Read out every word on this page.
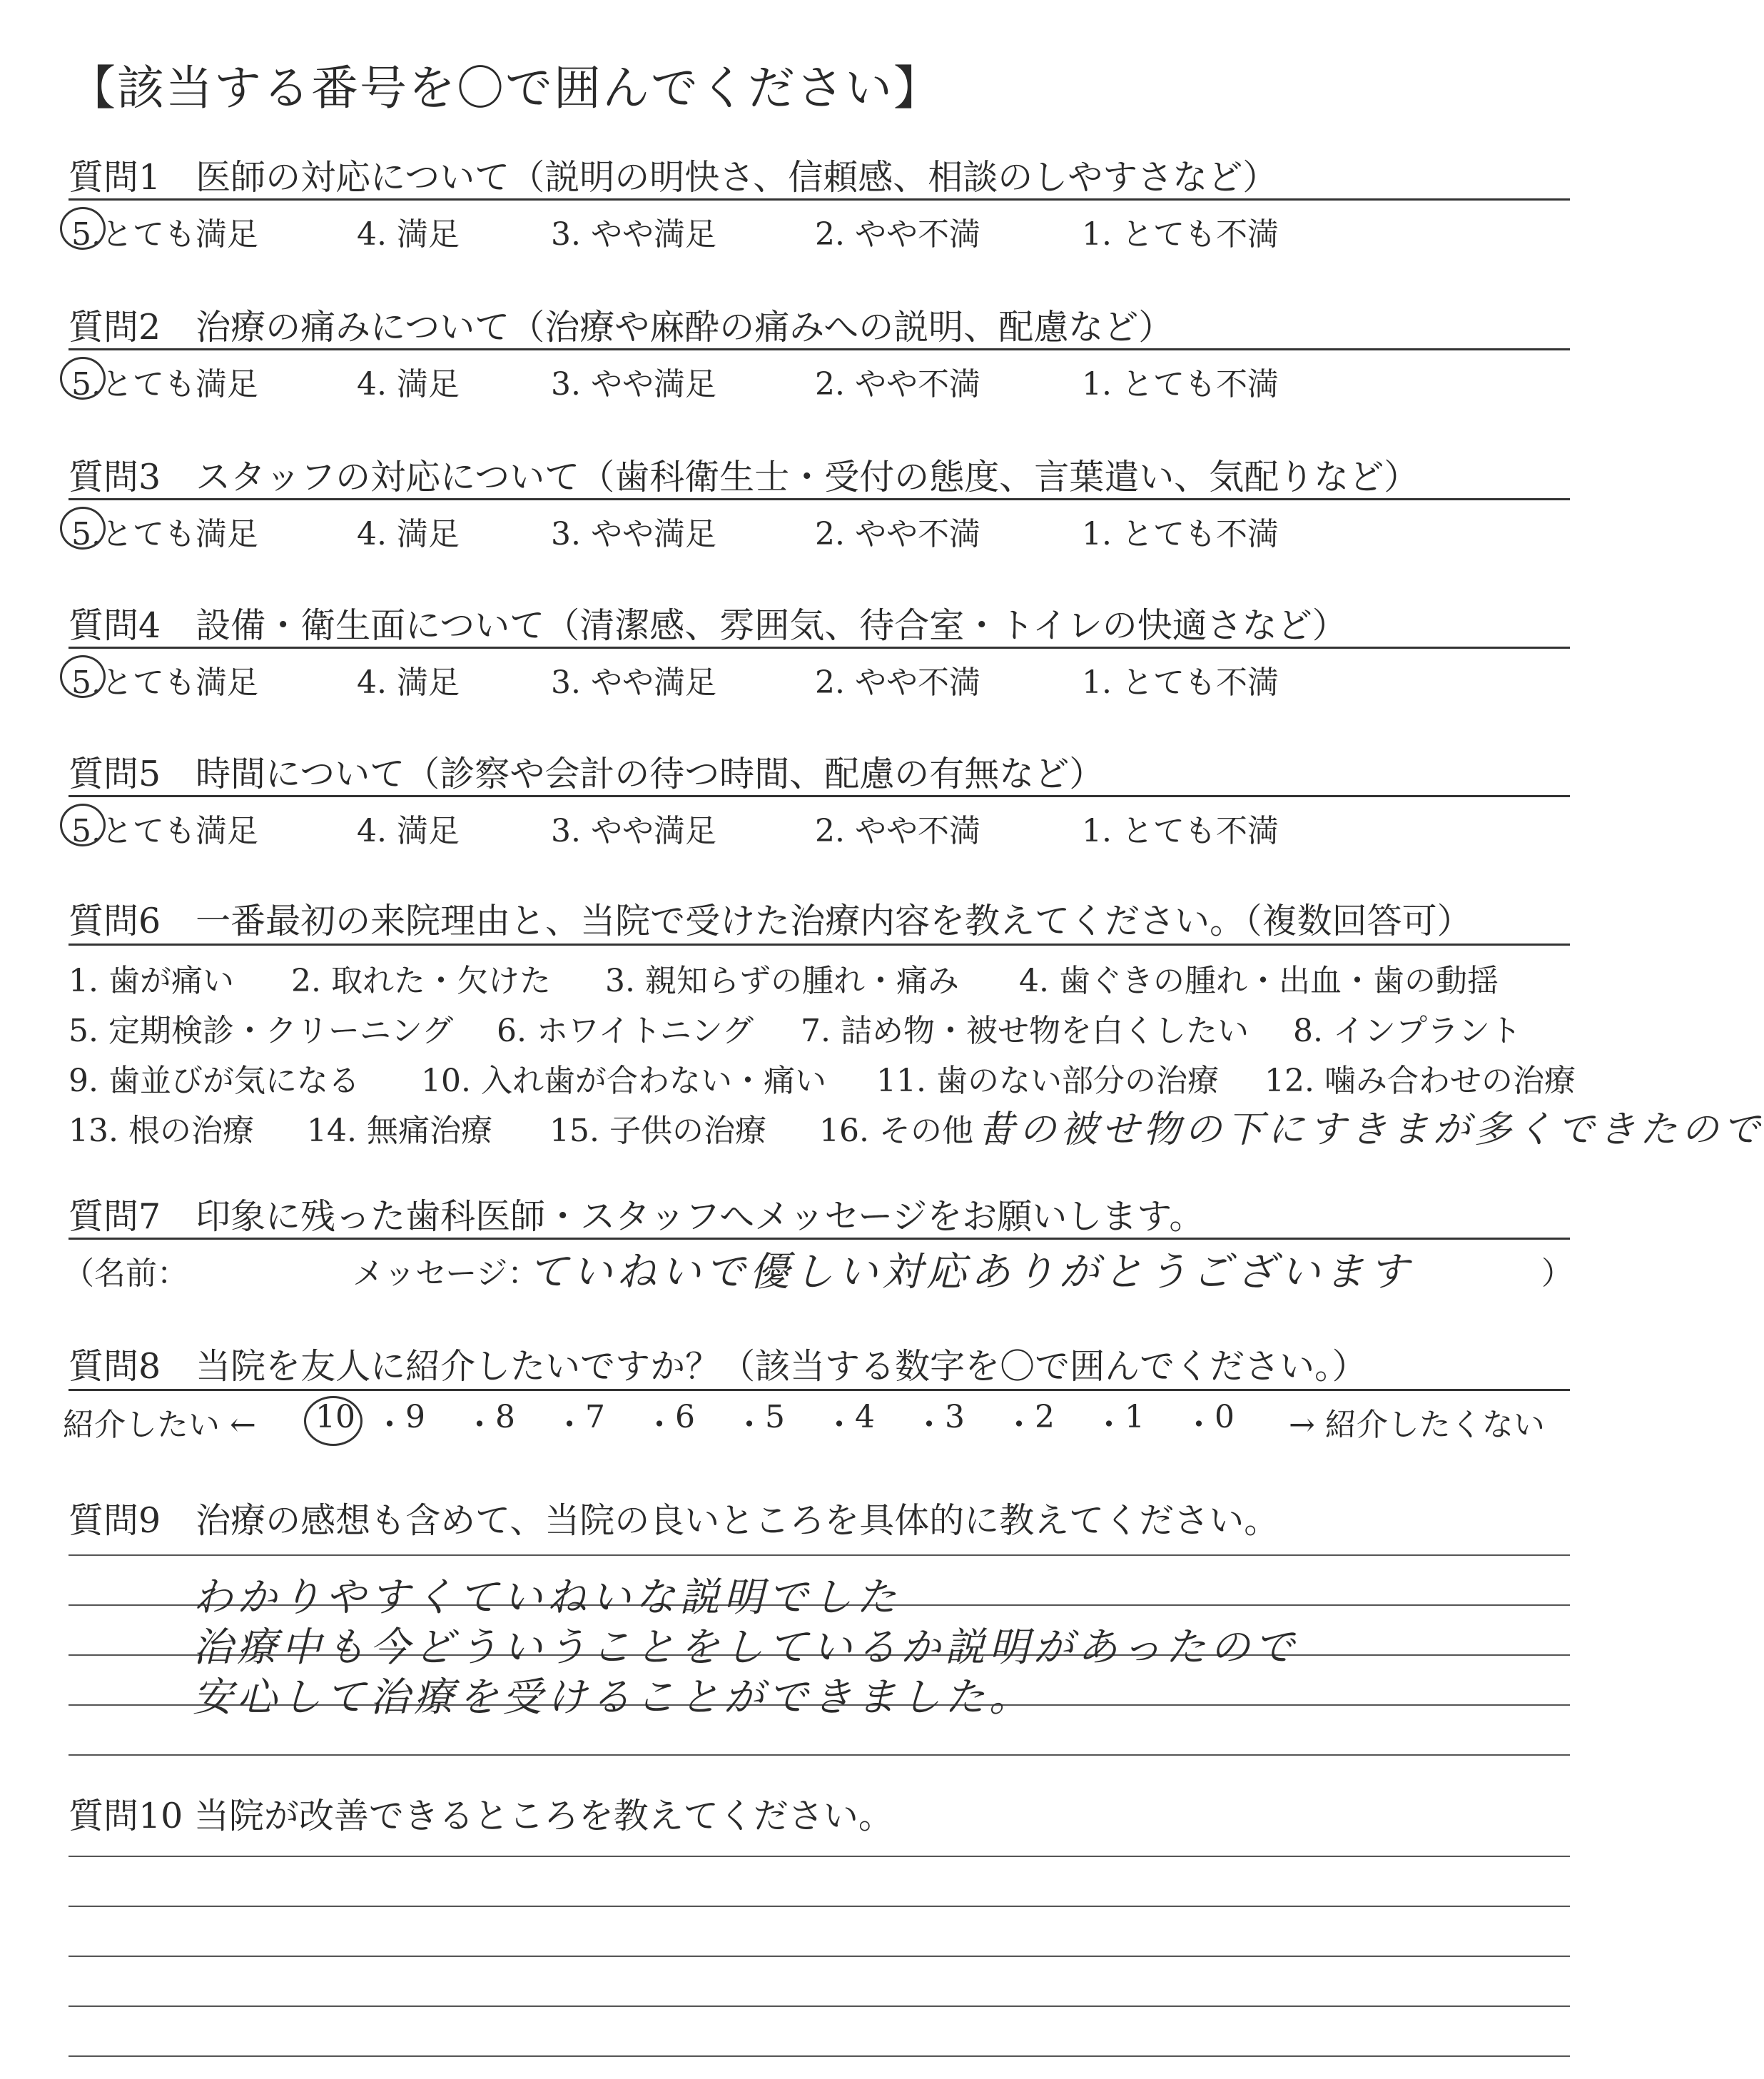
【該当する番号を〇で囲んでください】
質問6　一番最初の来院理由と、当院で受けた治療内容を教えてください。（複数回答可）
昔の被せ物の下にすきまが多くできたので
質問7　印象に残った歯科医師・スタッフへメッセージをお願いします。
（名前：	メッセージ：
ていねいで優しい対応ありがとうございます	）
質問8　当院を友人に紹介したいですか？（該当する数字を〇で囲んでください。）
紹介したい ←	→ 紹介したくない
質問9　治療の感想も含めて、当院の良いところを具体的に教えてください。
質問10 当院が改善できるところを教えてください。
質問1　医師の対応について（説明の明快さ、信頼感、相談のしやすさなど）
5.とても満足	4. 満足	3. やや満足	2. やや不満	1. とても不満
質問2　治療の痛みについて（治療や麻酔の痛みへの説明、配慮など）
5.とても満足	4. 満足	3. やや満足	2. やや不満	1. とても不満
質問3　スタッフの対応について（歯科衛生士・受付の態度、言葉遣い、気配りなど）
5.とても満足	4. 満足	3. やや満足	2. やや不満	1. とても不満
質問4　設備・衛生面について（清潔感、雰囲気、待合室・トイレの快適さなど）
5.とても満足	4. 満足	3. やや満足	2. やや不満	1. とても不満
質問5　時間について（診察や会計の待つ時間、配慮の有無など）
5.とても満足	4. 満足	3. やや満足	2. やや不満	1. とても不満
1. 歯が痛い 2. 取れた・欠けた 3. 親知らずの腫れ・痛み 4. 歯ぐきの腫れ・出血・歯の動揺
5. 定期検診・クリーニング 6. ホワイトニング 7. 詰め物・被せ物を白くしたい 8. インプラント
9. 歯並びが気になる 10. 入れ歯が合わない・痛い 11. 歯のない部分の治療 12. 噛み合わせの治療
13. 根の治療 14. 無痛治療 15. 子供の治療 16. その他（
10 ・ 9 ・ 8 ・ 7 ・ 6 ・ 5 ・ 4 ・ 3 ・ 2 ・ 1 ・ 0
わかりやすくていねいな説明でした
治療中も今どういうことをしているか説明があったので
安心して治療を受けることができました。
